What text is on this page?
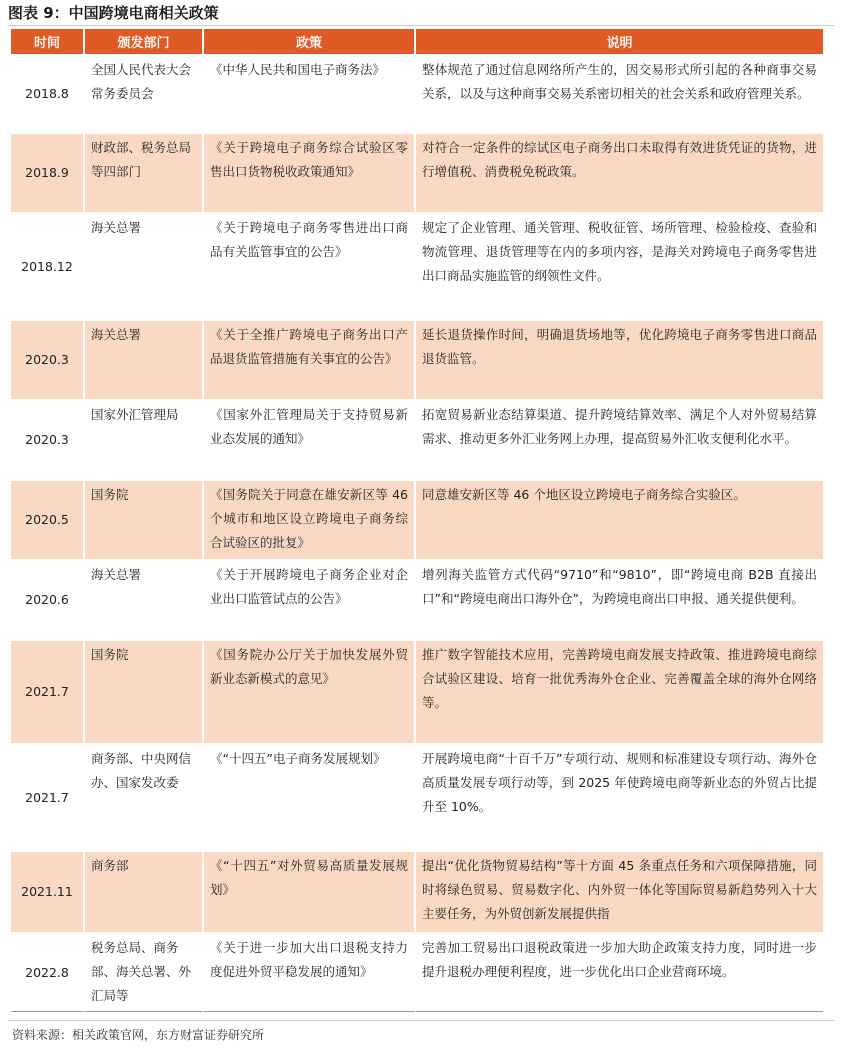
图表 9：中国跨境电商相关政策
时间	颁发部门	政策	说明
2018.8	全国人民代表大会常务委员会	《中华人民共和国电子商务法》	整体规范了通过信息网络所产生的，因交易形式所引起的各种商事交易关系，以及与这种商事交易关系密切相关的社会关系和政府管理关系。
2018.9	财政部、税务总局等四部门	《关于跨境电子商务综合试验区零售出口货物税收政策通知》	对符合一定条件的综试区电子商务出口未取得有效进货凭证的货物，进行增值税、消费税免税政策。
2018.12	海关总署	《关于跨境电子商务零售进出口商品有关监管事宜的公告》	规定了企业管理、通关管理、税收征管、场所管理、检验检疫、查验和物流管理、退货管理等在内的多项内容，是海关对跨境电子商务零售进出口商品实施监管的纲领性文件。
2020.3	海关总署	《关于全推广跨境电子商务出口产品退货监管措施有关事宜的公告》	延长退货操作时间，明确退货场地等，优化跨境电子商务零售进口商品退货监管。
2020.3	国家外汇管理局	《国家外汇管理局关于支持贸易新业态发展的通知》	拓宽贸易新业态结算渠道、提升跨境结算效率、满足个人对外贸易结算需求、推动更多外汇业务网上办理，提高贸易外汇收支便利化水平。
2020.5	国务院	《国务院关于同意在雄安新区等 46 个城市和地区设立跨境电子商务综合试验区的批复》	同意雄安新区等 46 个地区设立跨境电子商务综合实验区。
2020.6	海关总署	《关于开展跨境电子商务企业对企业出口监管试点的公告》	增列海关监管方式代码“9710”和“9810”，即“跨境电商 B2B 直接出口”和“跨境电商出口海外仓”，为跨境电商出口申报、通关提供便利。
2021.7	国务院	《国务院办公厅关于加快发展外贸新业态新模式的意见》	推广数字智能技术应用，完善跨境电商发展支持政策、推进跨境电商综合试验区建设、培育一批优秀海外仓企业、完善覆盖全球的海外仓网络等。
2021.7	商务部、中央网信办、国家发改委	《“十四五”电子商务发展规划》	开展跨境电商“十百千万”专项行动、规则和标准建设专项行动、海外仓高质量发展专项行动等，到 2025 年使跨境电商等新业态的外贸占比提升至 10%。
2021.11	商务部	《“十四五”对外贸易高质量发展规划》	提出“优化货物贸易结构”等十方面 45 条重点任务和六项保障措施，同时将绿色贸易、贸易数字化、内外贸一体化等国际贸易新趋势列入十大主要任务，为外贸创新发展提供指
2022.8	税务总局、商务部、海关总署、外汇局等	《关于进一步加大出口退税支持力度促进外贸平稳发展的通知》	完善加工贸易出口退税政策进一步加大助企政策支持力度，同时进一步提升退税办理便利程度，进一步优化出口企业营商环境。
资料来源：相关政策官网，东方财富证券研究所
